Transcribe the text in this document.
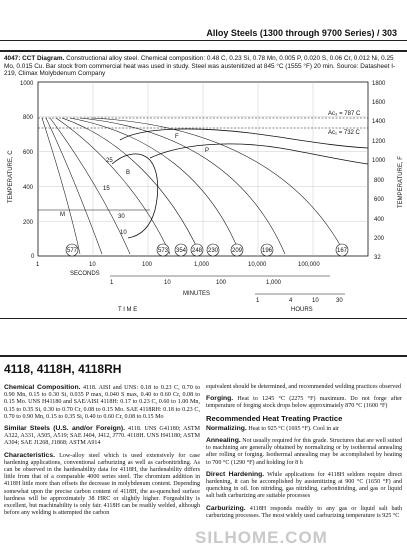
Alloy Steels (1300 through 9700 Series) / 303
4047: CCT Diagram. Constructional alloy steel. Chemical composition: 0.48 C, 0.23 Si, 0.78 Mn, 0.005 P, 0.020 S, 0.06 Cr, 0.012 Ni, 0.25 Mo, 0.015 Cu. Bar stock from commercial heat was used in study. Steel was austenitized at 845 °C (1555 °F) 20 min. Source: Datasheet I-219, Climax Molybdenum Company
Ac₃ = 787 C
Ac₁ = 732 C
F
P
B
M
25
30
15
10
577	573 354 248 230 209	196	167
1000
800
600
400
200
0
TEMPERATURE, C
1800
1600
1400
1200
1000
800
600
400
200
32
TEMPERATURE, F
1	10	100	1,000	10,000	100,000
SECONDS
1	10	100	1,000
MINUTES
1	4	10	30
T I M E	HOURS
4118, 4118H, 4118RH

Chemical Composition. 4118. AISI and UNS: 0.18 to 0.23 C, 0.70 to 0.90 Mn, 0.15 to 0.30 Si, 0.035 P max, 0.040 S max, 0.40 to 0.60 Cr, 0.08 to 0.15 Mo. UNS H41180 and SAE/AISI 4118H: 0.17 to 0.23 C, 0.60 to 1.00 Mn, 0.15 to 0.35 Si, 0.30 to 0.70 Cr, 0.08 to 0.15 Mo. SAE 4118RH: 0.18 to 0.23 C, 0.70 to 0.90 Mn, 0.15 to 0.35 Si, 0.40 to 0.60 Cr, 0.08 to 0.15 Mo

Similar Steels (U.S. and/or Foreign). 4118. UNS G41180; ASTM A322, A331, A505, A519; SAE J404, J412, J770. 4118H. UNS H41180; ASTM A304; SAE J1268, J1868; ASTM A914

Characteristics. Low-alloy steel which is used extensively for case hardening applications, conventional carburizing as well as carbonitriding. As can be observed in the hardenability data for 4118H, the hardenability differs little from that of a comparable 4000 series steel. The chromium addition in 4118H little more than offsets the decrease in molybdenum content. Depending somewhat upon the precise carbon content of 4118H, the as-quenched surface hardness will be approximately 38 HRC or slightly higher. Forgeability is excellent, but machinability is only fair. 4118H can be readily welded, although before any welding is attempted the carbon

equivalent should be determined, and recommended welding practices observed

Forging. Heat to 1245 °C (2275 °F) maximum. Do not forge after temperature of forging stock drops below approximately 870 °C (1600 °F)

Recommended Heat Treating Practice

Normalizing. Heat to 925 °C (1695 °F). Cool in air

Annealing. Not usually required for this grade. Structures that are well suited to machining are generally obtained by normalizing or by isothermal annealing after rolling or forging. Isothermal annealing may be accomplished by heating to 700 °C (1290 °F) and holding for 8 h

Direct Hardening. While applications for 4118H seldom require direct hardening, it can be accomplished by austenitizing at 900 °C (1650 °F) and quenching in oil. Ion nitriding, gas nitriding, carbonitriding, and gas or liquid salt bath carburizing are suitable processes

Carburizing. 4118H responds readily to any gas or liquid salt bath carburizing processes. The most widely used carburizing temperature is 925 °C

SILHOME.COM
